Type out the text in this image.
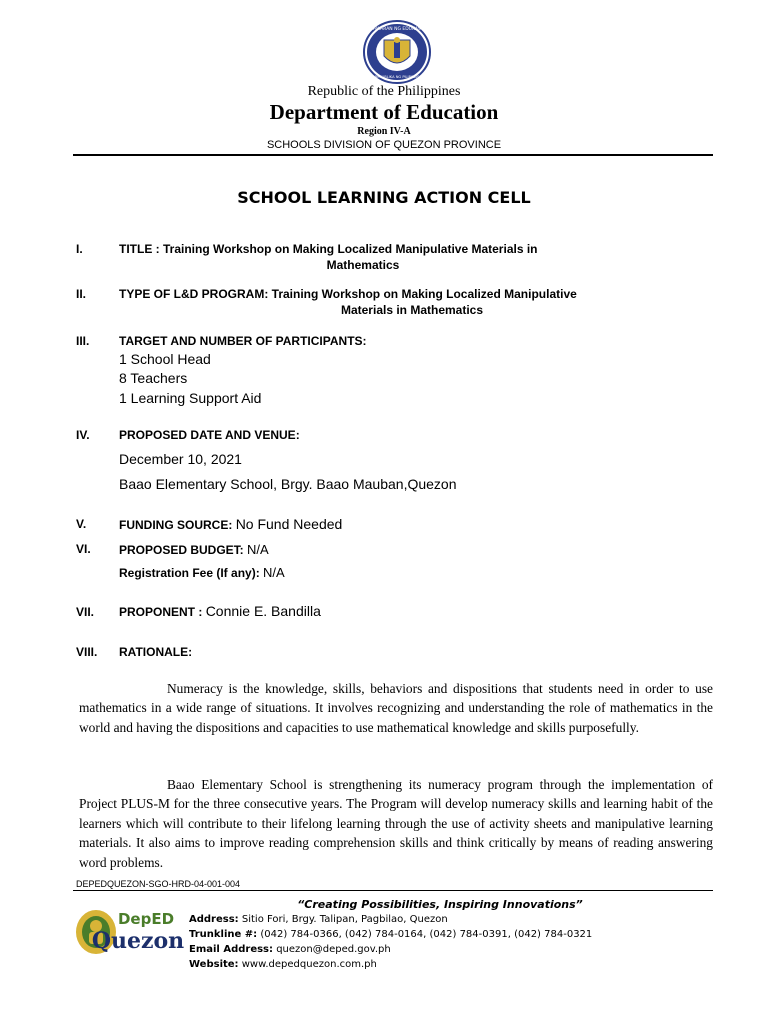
KAGAWARAN NG EDUKASYON
REPUBLIKA NG PILIPINAS
Republic of the Philippines
Department of Education
Region IV-A
SCHOOLS DIVISION OF QUEZON PROVINCE
SCHOOL LEARNING ACTION CELL
I.	TITLE : Training Workshop on Making Localized Manipulative Materials in
Mathematics
II.	TYPE OF L&D PROGRAM: Training Workshop on Making Localized Manipulative
Materials in Mathematics
III. TARGET AND NUMBER OF PARTICIPANTS:
1 School Head
8 Teachers
1 Learning Support Aid
IV. PROPOSED DATE AND VENUE:
December 10, 2021
Baao Elementary School, Brgy. Baao Mauban,Quezon
V.	FUNDING SOURCE: No Fund Needed
VI. PROPOSED BUDGET: N/A
Registration Fee (If any): N/A
VII. PROPONENT : Connie E. Bandilla
VIII. RATIONALE:
Numeracy is the knowledge, skills, behaviors and dispositions that students need in order to use mathematics in a wide range of situations. It involves recognizing and understanding the role of mathematics in the world and having the dispositions and capacities to use mathematical knowledge and skills purposefully.
Baao Elementary School is strengthening its numeracy program through the implementation of Project PLUS-M for the three consecutive years. The Program will develop numeracy skills and learning habit of the learners which will contribute to their lifelong learning through the use of activity sheets and manipulative learning materials. It also aims to improve reading comprehension skills and think critically by means of reading answering word problems.
DEPEDQUEZON-SGO-HRD-04-001-004
“Creating Possibilities, Inspiring Innovations”
DepED
Quezon
Address: Sitio Fori, Brgy. Talipan, Pagbilao, Quezon
Trunkline #: (042) 784-0366, (042) 784-0164, (042) 784-0391, (042) 784-0321
Email Address: quezon@deped.gov.ph
Website: www.depedquezon.com.ph
